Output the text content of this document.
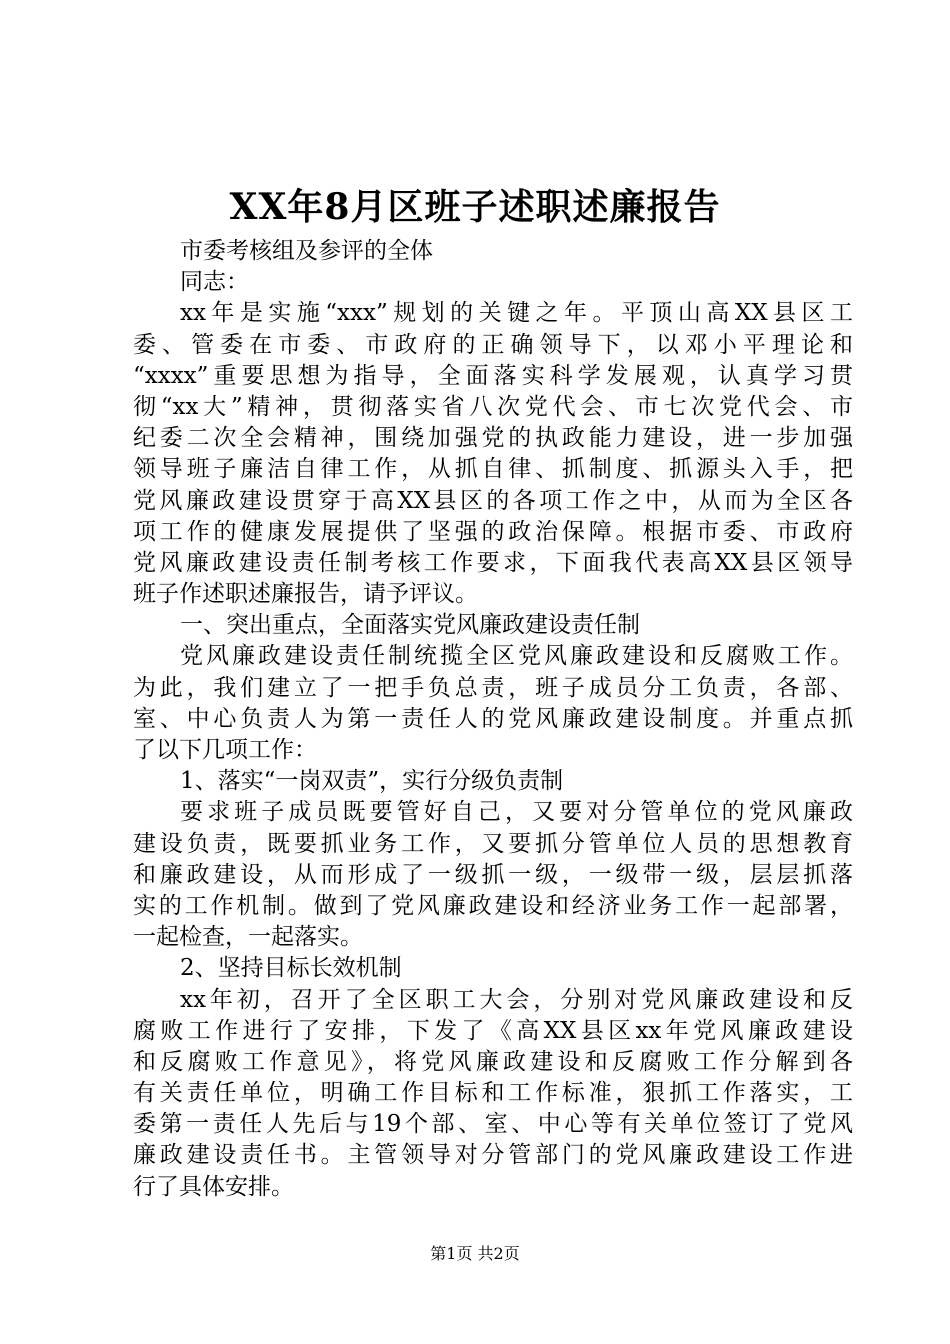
XX年8月区班子述职述廉报告
市委考核组及参评的全体
同志：
xx年是实施“xxx”规划的关键之年。平顶山高XX县区工
委、管委在市委、市政府的正确领导下，以邓小平理论和
“xxxx”重要思想为指导，全面落实科学发展观，认真学习贯
彻“xx大”精神，贯彻落实省八次党代会、市七次党代会、市
纪委二次全会精神，围绕加强党的执政能力建设，进一步加强
领导班子廉洁自律工作，从抓自律、抓制度、抓源头入手，把
党风廉政建设贯穿于高XX县区的各项工作之中，从而为全区各
项工作的健康发展提供了坚强的政治保障。根据市委、市政府
党风廉政建设责任制考核工作要求，下面我代表高XX县区领导
班子作述职述廉报告，请予评议。
一、突出重点，全面落实党风廉政建设责任制
党风廉政建设责任制统揽全区党风廉政建设和反腐败工作。
为此，我们建立了一把手负总责，班子成员分工负责，各部、
室、中心负责人为第一责任人的党风廉政建设制度。并重点抓
了以下几项工作：
1、落实“一岗双责”，实行分级负责制
要求班子成员既要管好自己，又要对分管单位的党风廉政
建设负责，既要抓业务工作，又要抓分管单位人员的思想教育
和廉政建设，从而形成了一级抓一级，一级带一级，层层抓落
实的工作机制。做到了党风廉政建设和经济业务工作一起部署，
一起检查，一起落实。
2、坚持目标长效机制
xx年初，召开了全区职工大会，分别对党风廉政建设和反
腐败工作进行了安排，下发了《高XX县区xx年党风廉政建设
和反腐败工作意见》，将党风廉政建设和反腐败工作分解到各
有关责任单位，明确工作目标和工作标准，狠抓工作落实，工
委第一责任人先后与19个部、室、中心等有关单位签订了党风
廉政建设责任书。主管领导对分管部门的党风廉政建设工作进
行了具体安排。
第1页 共2页
